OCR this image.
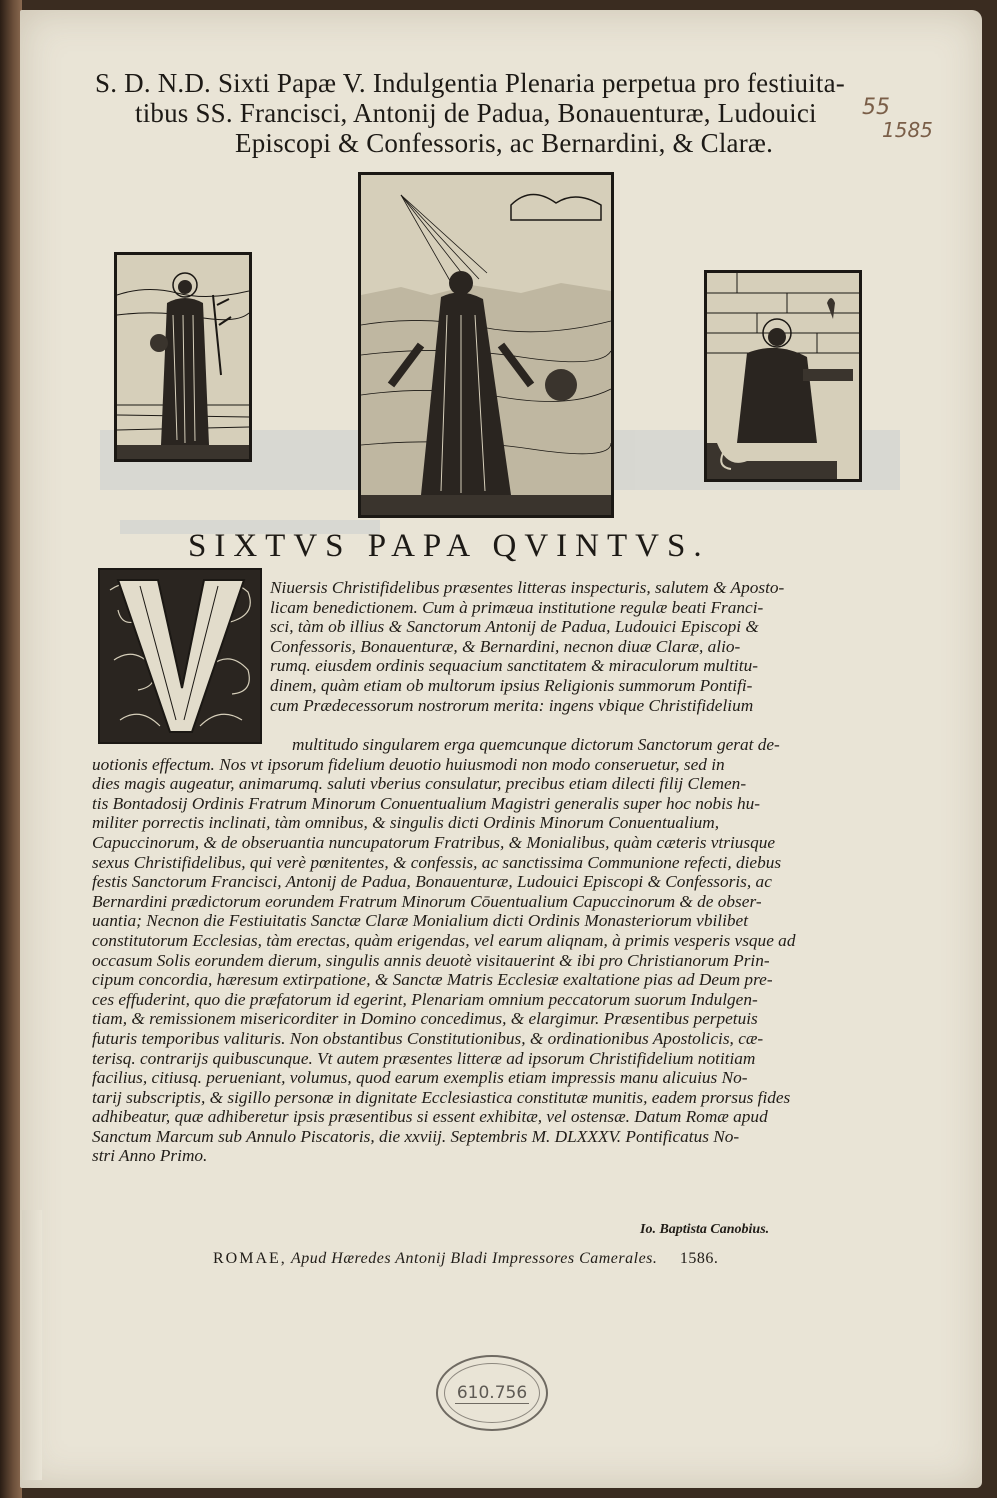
S. D. N.D. Sixti Papæ V. Indulgentia Plenaria perpetua pro festiuita-
tibus SS. Francisci, Antonij de Padua, Bonauenturæ, Ludouici
Episcopi & Confessoris, ac Bernardini, & Claræ.
55
1585
SIXTVS PAPA QVINTVS.
Niuersis Christifidelibus præsentes litteras inspecturis, salutem & Aposto-
licam benedictionem. Cum à primæua institutione regulæ beati Franci-
sci, tàm ob illius & Sanctorum Antonij de Padua, Ludouici Episcopi &
Confessoris, Bonauenturæ, & Bernardini, necnon diuæ Claræ, alio-
rumq. eiusdem ordinis sequacium sanctitatem & miraculorum multitu-
dinem, quàm etiam ob multorum ipsius Religionis summorum Pontifi-
cum Prædecessorum nostrorum merita: ingens vbique Christifidelium
multitudo singularem erga quemcunque dictorum Sanctorum gerat de-
uotionis effectum. Nos vt ipsorum fidelium deuotio huiusmodi non modo conseruetur, sed in
dies magis augeatur, animarumq. saluti vberius consulatur, precibus etiam dilecti filij Clemen-
tis Bontadosij Ordinis Fratrum Minorum Conuentualium Magistri generalis super hoc nobis hu-
militer porrectis inclinati, tàm omnibus, & singulis dicti Ordinis Minorum Conuentualium,
Capuccinorum, & de obseruantia nuncupatorum Fratribus, & Monialibus, quàm cæteris vtriusque
sexus Christifidelibus, qui verè pœnitentes, & confessis, ac sanctissima Communione refecti, diebus
festis Sanctorum Francisci, Antonij de Padua, Bonauenturæ, Ludouici Episcopi & Confessoris, ac
Bernardini prædictorum eorundem Fratrum Minorum Cōuentualium Capuccinorum & de obser-
uantia; Necnon die Festiuitatis Sanctæ Claræ Monialium dicti Ordinis Monasteriorum vbilibet
constitutorum Ecclesias, tàm erectas, quàm erigendas, vel earum aliqnam, à primis vesperis vsque ad
occasum Solis eorundem dierum, singulis annis deuotè visitauerint & ibi pro Christianorum Prin-
cipum concordia, hæresum extirpatione, & Sanctæ Matris Ecclesiæ exaltatione pias ad Deum pre-
ces effuderint, quo die præfatorum id egerint, Plenariam omnium peccatorum suorum Indulgen-
tiam, & remissionem misericorditer in Domino concedimus, & elargimur. Præsentibus perpetuis
futuris temporibus valituris. Non obstantibus Constitutionibus, & ordinationibus Apostolicis, cæ-
terisq. contrarijs quibuscunque. Vt autem præsentes litteræ ad ipsorum Christifidelium notitiam
facilius, citiusq. perueniant, volumus, quod earum exemplis etiam impressis manu alicuius No-
tarij subscriptis, & sigillo personæ in dignitate Ecclesiastica constitutæ munitis, eadem prorsus fides
adhibeatur, quæ adhiberetur ipsis præsentibus si essent exhibitæ, vel ostensæ. Datum Romæ apud
Sanctum Marcum sub Annulo Piscatoris, die xxviij. Septembris M. DLXXXV. Pontificatus No-
stri Anno Primo.
Io. Baptista Canobius.
ROMAE, Apud Hæredes Antonij Bladi Impressores Camerales. 1586.
610.756
